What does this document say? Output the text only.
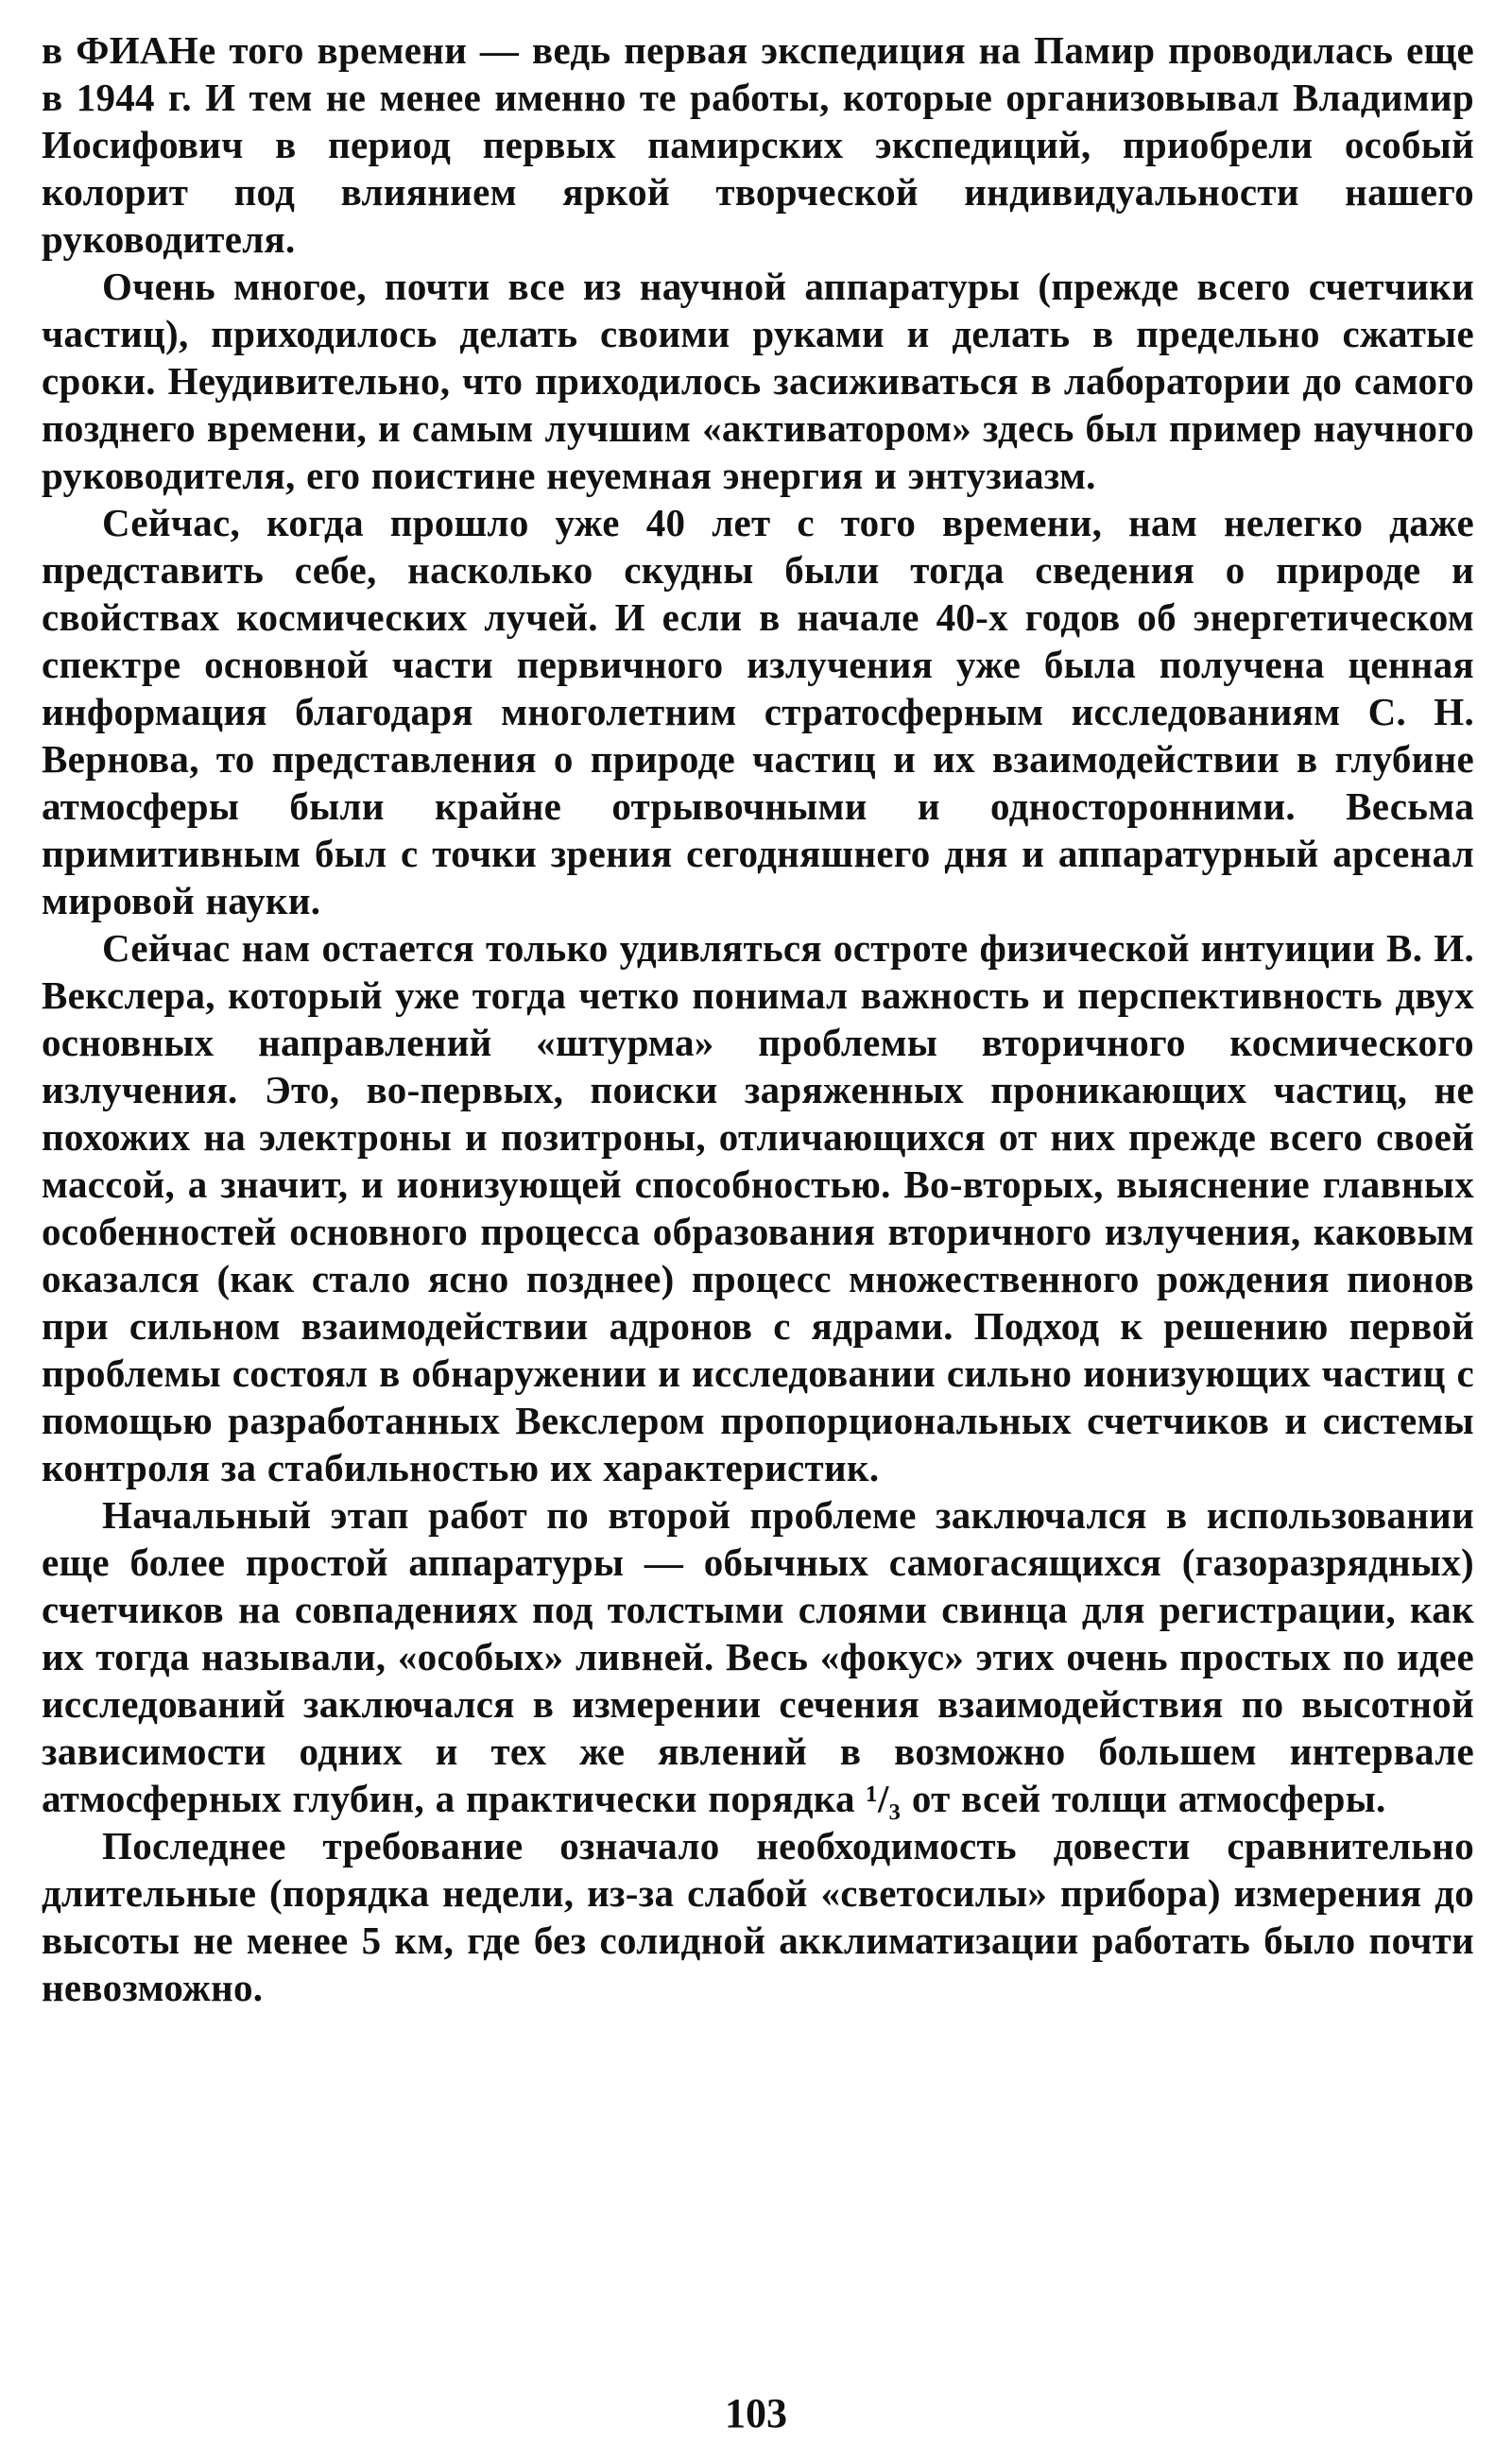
в ФИАНе того времени — ведь первая экспедиция на Памир проводилась еще в 1944 г. И тем не менее именно те работы, которые организовывал Владимир Иосифович в период первых памирских экспедиций, приобрели особый колорит под влиянием яркой творческой индивидуальности нашего руководителя.

Очень многое, почти все из научной аппаратуры (прежде всего счетчики частиц), приходилось делать своими руками и делать в предельно сжатые сроки. Неудивительно, что приходилось засиживаться в лаборатории до самого позднего времени, и самым лучшим «активатором» здесь был пример научного руководителя, его поистине неуемная энергия и энтузиазм.

Сейчас, когда прошло уже 40 лет с того времени, нам нелегко даже представить себе, насколько скудны были тогда сведения о природе и свойствах космических лучей. И если в начале 40-х годов об энергетическом спектре основной части первичного излучения уже была получена ценная информация благодаря многолетним стратосферным исследованиям С. Н. Вернова, то представления о природе частиц и их взаимодействии в глубине атмосферы были крайне отрывочными и односторонними. Весьма примитивным был с точки зрения сегодняшнего дня и аппаратурный арсенал мировой науки.

Сейчас нам остается только удивляться остроте физической интуиции В. И. Векслера, который уже тогда четко понимал важность и перспективность двух основных направлений «штурма» проблемы вторичного космического излучения. Это, во-первых, поиски заряженных проникающих частиц, не похожих на электроны и позитроны, отличающихся от них прежде всего своей массой, а значит, и ионизующей способностью. Во-вторых, выяснение главных особенностей основного процесса образования вторичного излучения, каковым оказался (как стало ясно позднее) процесс множественного рождения пионов при сильном взаимодействии адронов с ядрами. Подход к решению первой проблемы состоял в обнаружении и исследовании сильно ионизующих частиц с помощью разработанных Векслером пропорциональных счетчиков и системы контроля за стабильностью их характеристик.

Начальный этап работ по второй проблеме заключался в использовании еще более простой аппаратуры — обычных самогасящихся (газоразрядных) счетчиков на совпадениях под толстыми слоями свинца для регистрации, как их тогда называли, «особых» ливней. Весь «фокус» этих очень простых по идее исследований заключался в измерении сечения взаимодействия по высотной зависимости одних и тех же явлений в возможно большем интервале атмосферных глубин, а практически порядка ¹/₃ от всей толщи атмосферы.

Последнее требование означало необходимость довести сравнительно длительные (порядка недели, из-за слабой «светосилы» прибора) измерения до высоты не менее 5 км, где без солидной акклиматизации работать было почти невозможно.

103
